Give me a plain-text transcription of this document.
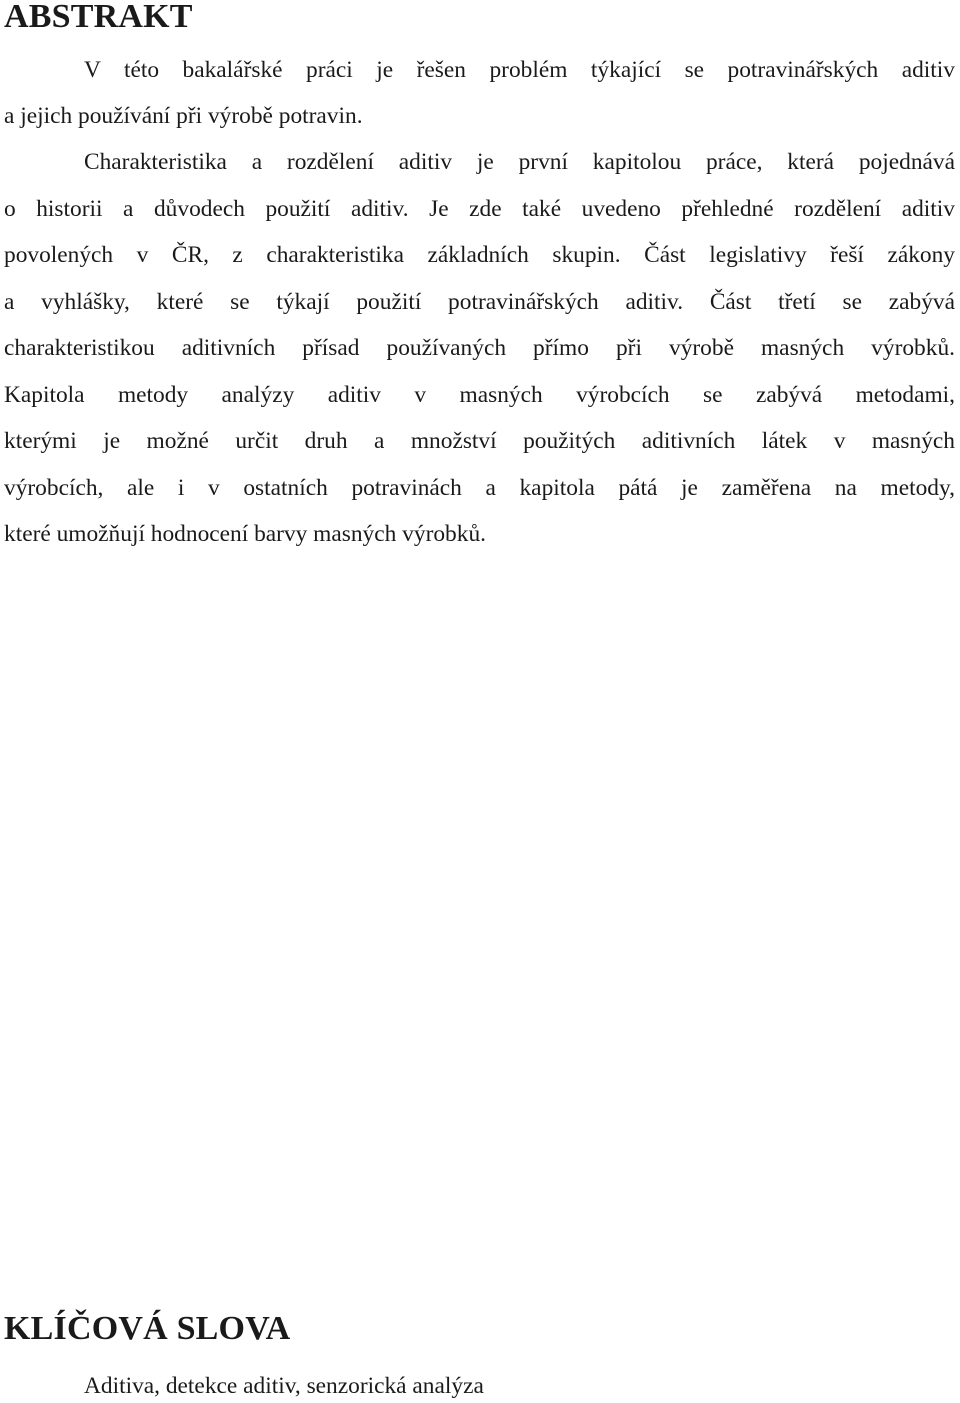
ABSTRAKT
V této bakalářské práci je řešen problém týkající se potravinářských aditiv
a jejich používání při výrobě potravin.
Charakteristika a rozdělení aditiv je první kapitolou práce, která pojednává
o historii a důvodech použití aditiv. Je zde také uvedeno přehledné rozdělení aditiv
povolených v ČR, z charakteristika základních skupin. Část legislativy řeší zákony
a vyhlášky, které se týkají použití potravinářských aditiv. Část třetí se zabývá
charakteristikou aditivních přísad používaných přímo při výrobě masných výrobků.
Kapitola metody analýzy aditiv v masných výrobcích se zabývá metodami,
kterými je možné určit druh a množství použitých aditivních látek v masných
výrobcích, ale i v ostatních potravinách a kapitola pátá je zaměřena na metody,
které umožňují hodnocení barvy masných výrobků.
KLÍČOVÁ SLOVA
Aditiva, detekce aditiv, senzorická analýza
